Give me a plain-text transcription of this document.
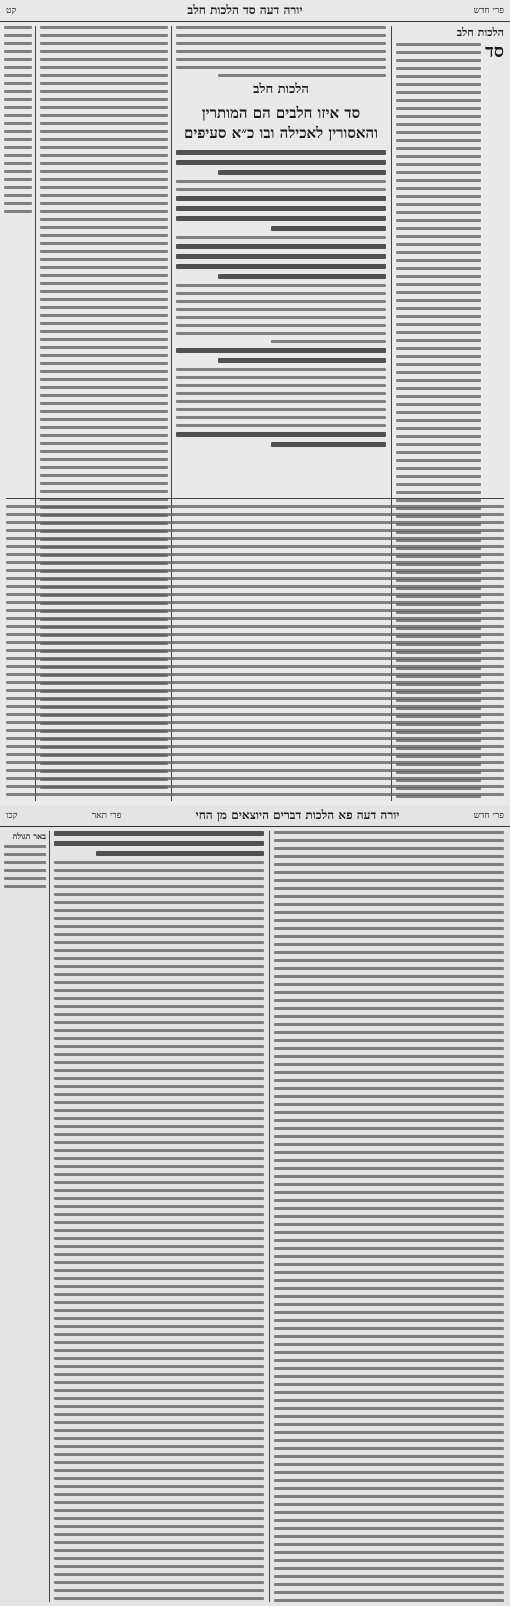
פרי חדש
יורה דעה סד הלכות חלב
קט
הלכות חלב
סד
הלכות חלב
סד איזו חלבים הם המותרין והאסורין לאכילה ובו כ״א סעיפים
פרי חדש
יורה דעה פא הלכות דברים היוצאים מן החי
פרי תאר
קכו
באר הגולה
